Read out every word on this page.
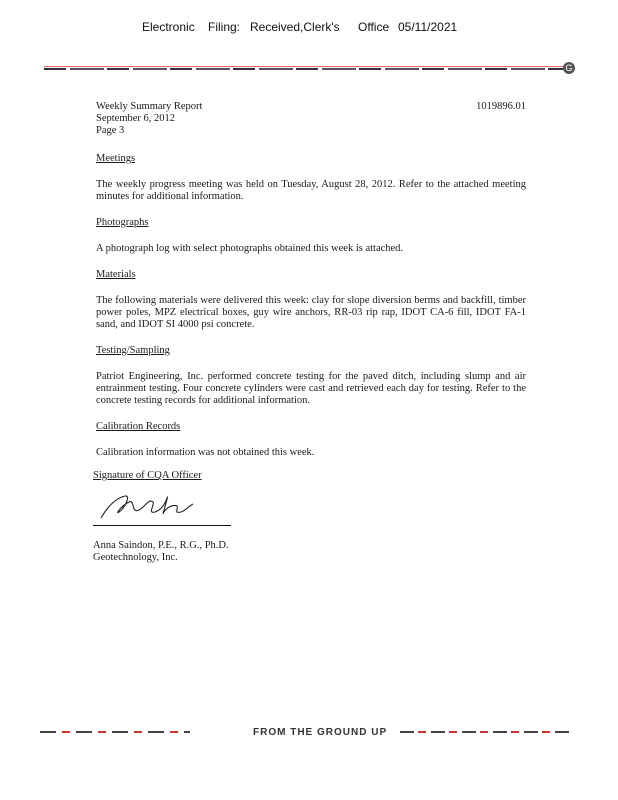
Electronic

Filing:

Received,Clerk's

Office

05/11/2021

G
1019896.01
Weekly Summary Report
September 6, 2012
Page 3
Meetings
The weekly progress meeting was held on Tuesday, August 28, 2012. Refer to the attached meeting minutes for additional information.
Photographs
A photograph log with select photographs obtained this week is attached.
Materials
The following materials were delivered this week: clay for slope diversion berms and backfill, timber power poles, MPZ electrical boxes, guy wire anchors, RR-03 rip rap, IDOT CA-6 fill, IDOT FA-1 sand, and IDOT SI 4000 psi concrete.
Testing/Sampling
Patriot Engineering, Inc. performed concrete testing for the paved ditch, including slump and air entrainment testing. Four concrete cylinders were cast and retrieved each day for testing. Refer to the concrete testing records for additional information.
Calibration Records
Calibration information was not obtained this week.
Signature of CQA Officer
Anna Saindon, P.E., R.G., Ph.D.
Geotechnology, Inc.
FROM THE GROUND UP
